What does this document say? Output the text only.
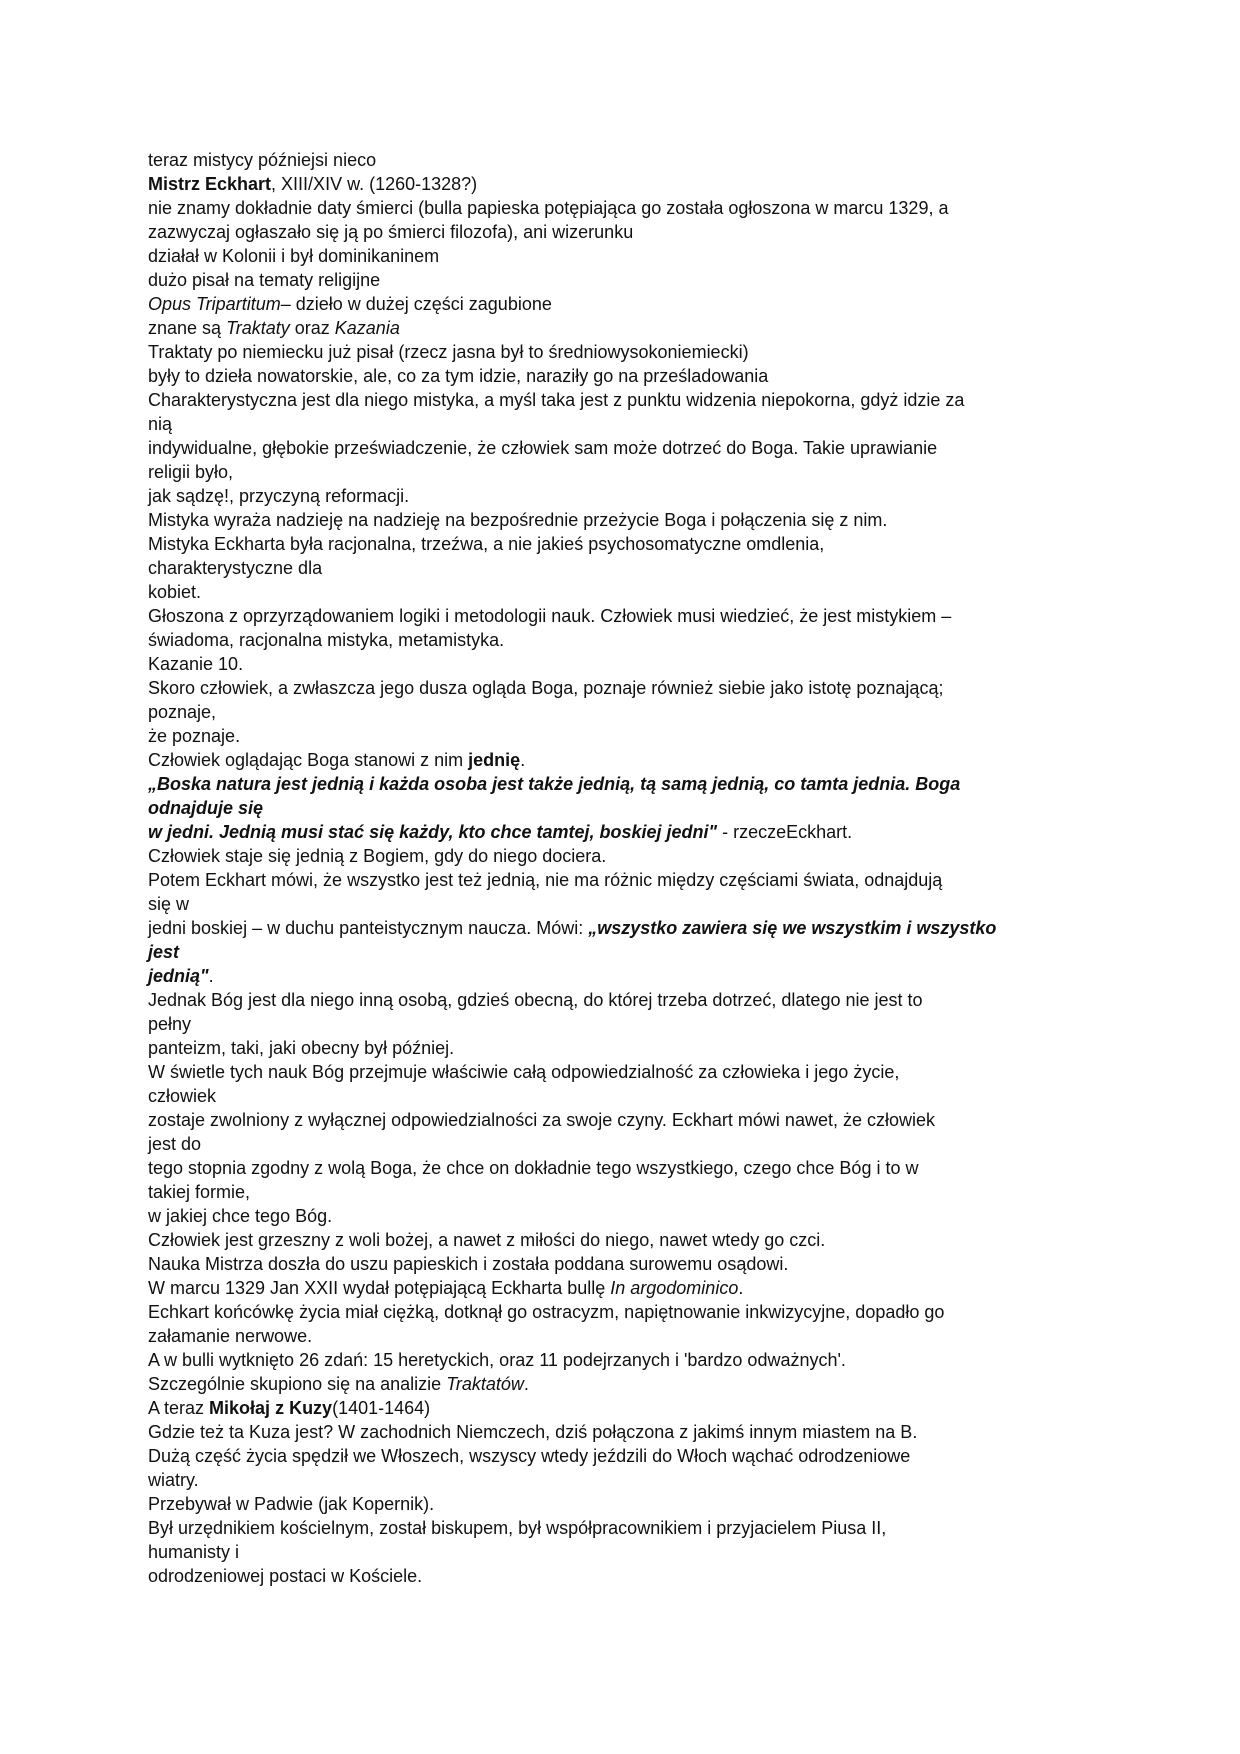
teraz mistycy późniejsi nieco
Mistrz Eckhart, XIII/XIV w. (1260-1328?)
nie znamy dokładnie daty śmierci (bulla papieska potępiająca go została ogłoszona w marcu 1329, a
zazwyczaj ogłaszało się ją po śmierci filozofa), ani wizerunku
działał w Kolonii i był dominikaninem
dużo pisał na tematy religijne
Opus Tripartitum– dzieło w dużej części zagubione
znane są Traktaty oraz Kazania
Traktaty po niemiecku już pisał (rzecz jasna był to średniowysokoniemiecki)
były to dzieła nowatorskie, ale, co za tym idzie, naraziły go na prześladowania
Charakterystyczna jest dla niego mistyka, a myśl taka jest z punktu widzenia niepokorna, gdyż idzie za
nią
indywidualne, głębokie przeświadczenie, że człowiek sam może dotrzeć do Boga. Takie uprawianie
religii było,
jak sądzę!, przyczyną reformacji.
Mistyka wyraża nadzieję na nadzieję na bezpośrednie przeżycie Boga i połączenia się z nim.
Mistyka Eckharta była racjonalna, trzeźwa, a nie jakieś psychosomatyczne omdlenia,
charakterystyczne dla
kobiet.
Głoszona z oprzyrządowaniem logiki i metodologii nauk. Człowiek musi wiedzieć, że jest mistykiem –
świadoma, racjonalna mistyka, metamistyka.
Kazanie 10.
Skoro człowiek, a zwłaszcza jego dusza ogląda Boga, poznaje również siebie jako istotę poznającą;
poznaje,
że poznaje.
Człowiek oglądając Boga stanowi z nim jednię.
„Boska natura jest jednią i każda osoba jest także jednią, tą samą jednią, co tamta jednia. Boga
odnajduje się
w jedni. Jednią musi stać się każdy, kto chce tamtej, boskiej jedni" - rzeczeEckhart.
Człowiek staje się jednią z Bogiem, gdy do niego dociera.
Potem Eckhart mówi, że wszystko jest też jednią, nie ma różnic między częściami świata, odnajdują
się w
jedni boskiej – w duchu panteistycznym naucza. Mówi: „wszystko zawiera się we wszystkim i wszystko
jest
jednią".
Jednak Bóg jest dla niego inną osobą, gdzieś obecną, do której trzeba dotrzeć, dlatego nie jest to
pełny
panteizm, taki, jaki obecny był później.
W świetle tych nauk Bóg przejmuje właściwie całą odpowiedzialność za człowieka i jego życie,
człowiek
zostaje zwolniony z wyłącznej odpowiedzialności za swoje czyny. Eckhart mówi nawet, że człowiek
jest do
tego stopnia zgodny z wolą Boga, że chce on dokładnie tego wszystkiego, czego chce Bóg i to w
takiej formie,
w jakiej chce tego Bóg.
Człowiek jest grzeszny z woli bożej, a nawet z miłości do niego, nawet wtedy go czci.
Nauka Mistrza doszła do uszu papieskich i została poddana surowemu osądowi.
W marcu 1329 Jan XXII wydał potępiającą Eckharta bullę In argodominico.
Echkart końcówkę życia miał ciężką, dotknął go ostracyzm, napiętnowanie inkwizycyjne, dopadło go
załamanie nerwowe.
A w bulli wytknięto 26 zdań: 15 heretyckich, oraz 11 podejrzanych i 'bardzo odważnych'.
Szczególnie skupiono się na analizie Traktatów.
A teraz Mikołaj z Kuzy(1401-1464)
Gdzie też ta Kuza jest? W zachodnich Niemczech, dziś połączona z jakimś innym miastem na B.
Dużą część życia spędził we Włoszech, wszyscy wtedy jeździli do Włoch wąchać odrodzeniowe
wiatry.
Przebywał w Padwie (jak Kopernik).
Był urzędnikiem kościelnym, został biskupem, był współpracownikiem i przyjacielem Piusa II,
humanisty i
odrodzeniowej postaci w Kościele.
